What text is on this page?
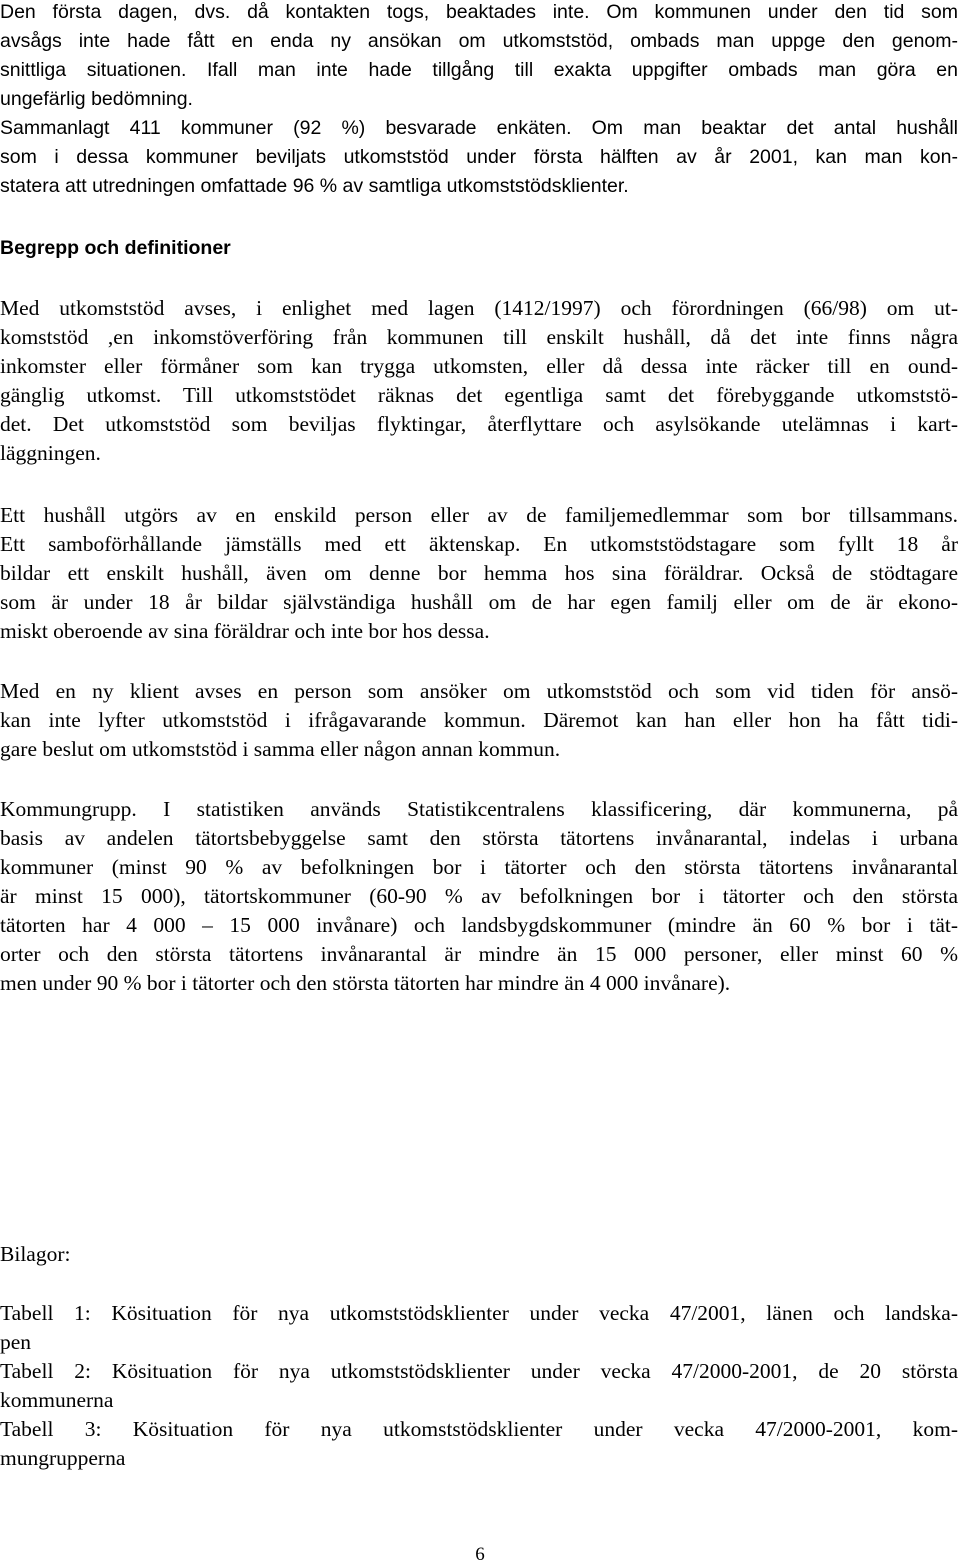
Den första dagen, dvs. då kontakten togs, beaktades inte. Om kommunen under den tid som

avsågs inte hade fått en enda ny ansökan om utkomststöd, ombads man uppge den genom-

snittliga situationen. Ifall man inte hade tillgång till exakta uppgifter ombads man göra en

ungefärlig bedömning.

Sammanlagt 411 kommuner (92 %) besvarade enkäten. Om man beaktar det antal hushåll

som i dessa kommuner beviljats utkomststöd under första hälften av år 2001, kan man kon-

statera att utredningen omfattade 96 % av samtliga utkomststödsklienter.

Begrepp och definitioner

Med utkomststöd avses, i enlighet med lagen (1412/1997) och förordningen (66/98) om ut-

komststöd ,en inkomstöverföring från kommunen till enskilt hushåll, då det inte finns några

inkomster eller förmåner som kan trygga utkomsten, eller då dessa inte räcker till en ound-

gänglig utkomst. Till utkomststödet räknas det egentliga samt det förebyggande utkomststö-

det. Det utkomststöd som beviljas flyktingar, återflyttare och asylsökande utelämnas i kart-

läggningen.

Ett hushåll utgörs av en enskild person eller av de familjemedlemmar som bor tillsammans.

Ett samboförhållande jämställs med ett äktenskap. En utkomststödstagare som fyllt 18 år

bildar ett enskilt hushåll, även om denne bor hemma hos sina föräldrar. Också de stödtagare

som är under 18 år bildar självständiga hushåll om de har egen familj eller om de är ekono-

miskt oberoende av sina föräldrar och inte bor hos dessa.

Med en ny klient avses en person som ansöker om utkomststöd och som vid tiden för ansö-

kan inte lyfter utkomststöd i ifrågavarande kommun. Däremot kan han eller hon ha fått tidi-

gare beslut om utkomststöd i samma eller någon annan kommun.

Kommungrupp. I statistiken används Statistikcentralens klassificering, där kommunerna, på

basis av andelen tätortsbebyggelse samt den största tätortens invånarantal, indelas i urbana

kommuner (minst 90 % av befolkningen bor i tätorter och den största tätortens invånarantal

är minst 15 000), tätortskommuner (60-90 % av befolkningen bor i tätorter och den största

tätorten har 4 000 – 15 000 invånare) och landsbygdskommuner (mindre än 60 % bor i tät-

orter och den största tätortens invånarantal är mindre än 15 000 personer, eller minst 60 %

men under 90 % bor i tätorter och den största tätorten har mindre än 4 000 invånare).

Bilagor:

Tabell 1: Kösituation för nya utkomststödsklienter under vecka 47/2001, länen och landska-

pen

Tabell 2: Kösituation för nya utkomststödsklienter under vecka 47/2000-2001, de 20 största

kommunerna

Tabell 3: Kösituation för nya utkomststödsklienter under vecka 47/2000-2001, kom-

mungrupperna

6
